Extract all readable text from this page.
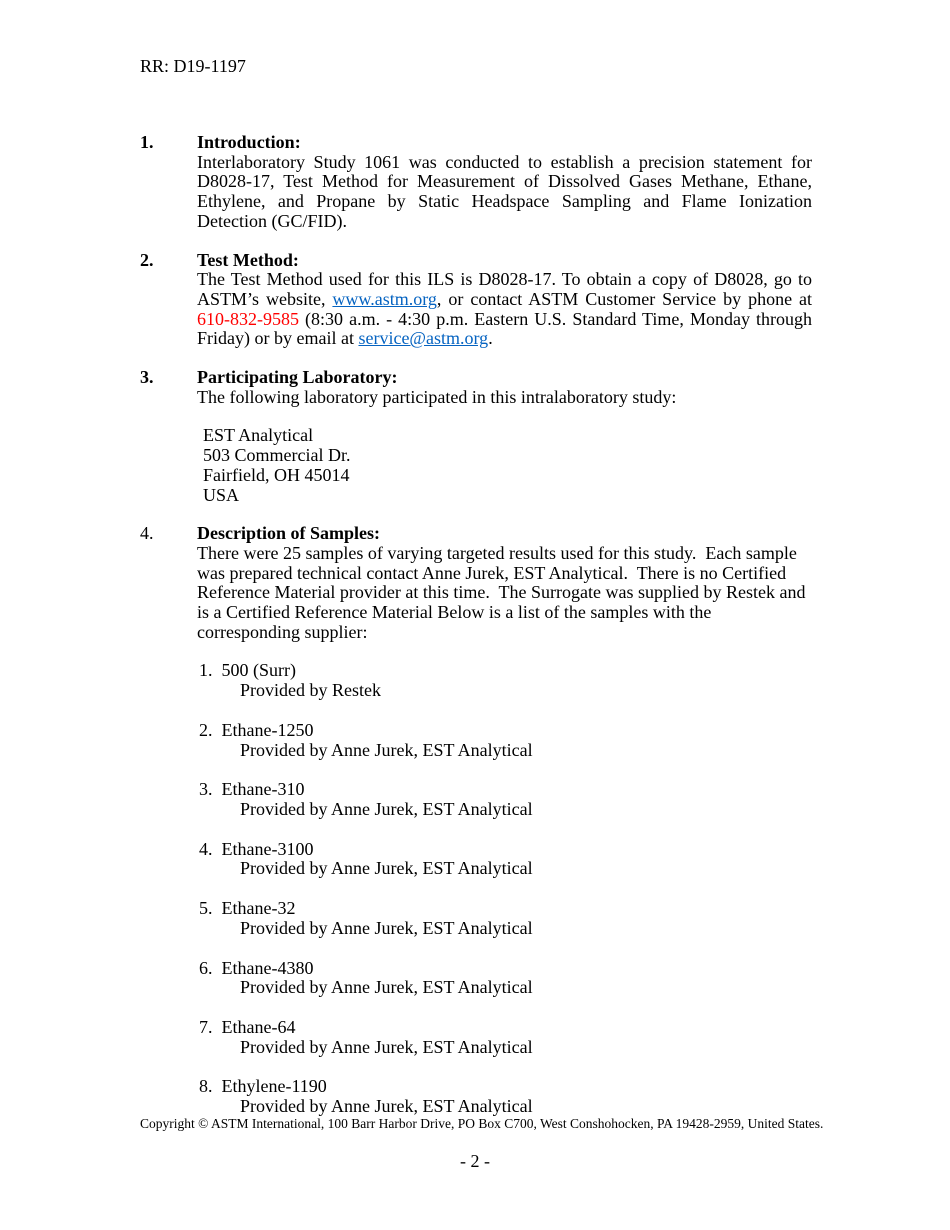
RR: D19-1197
1. Introduction:

Interlaboratory Study 1061 was conducted to establish a precision statement for D8028-17, Test Method for Measurement of Dissolved Gases Methane, Ethane, Ethylene, and Propane by Static Headspace Sampling and Flame Ionization Detection (GC/FID).

2. Test Method:

The Test Method used for this ILS is D8028-17. To obtain a copy of D8028, go to ASTM’s website, www.astm.org, or contact ASTM Customer Service by phone at 610-832-9585 (8:30 a.m. - 4:30 p.m. Eastern U.S. Standard Time, Monday through Friday) or by email at service@astm.org.

3. Participating Laboratory:

The following laboratory participated in this intralaboratory study:

EST Analytical
503 Commercial Dr.
Fairfield, OH 45014
USA
4. Description of Samples:

There were 25 samples of varying targeted results used for this study.  Each sample was prepared technical contact Anne Jurek, EST Analytical.  There is no Certified Reference Material provider at this time.  The Surrogate was supplied by Restek and is a Certified Reference Material Below is a list of the samples with the corresponding supplier:

1. 500 (Surr)
Provided by Restek
2. Ethane-1250
Provided by Anne Jurek, EST Analytical
3. Ethane-310
Provided by Anne Jurek, EST Analytical
4. Ethane-3100
Provided by Anne Jurek, EST Analytical
5. Ethane-32
Provided by Anne Jurek, EST Analytical
6. Ethane-4380
Provided by Anne Jurek, EST Analytical
7. Ethane-64
Provided by Anne Jurek, EST Analytical
8. Ethylene-1190
Provided by Anne Jurek, EST Analytical
Copyright © ASTM International, 100 Barr Harbor Drive, PO Box C700, West Conshohocken, PA 19428-2959, United States.
- 2 -
